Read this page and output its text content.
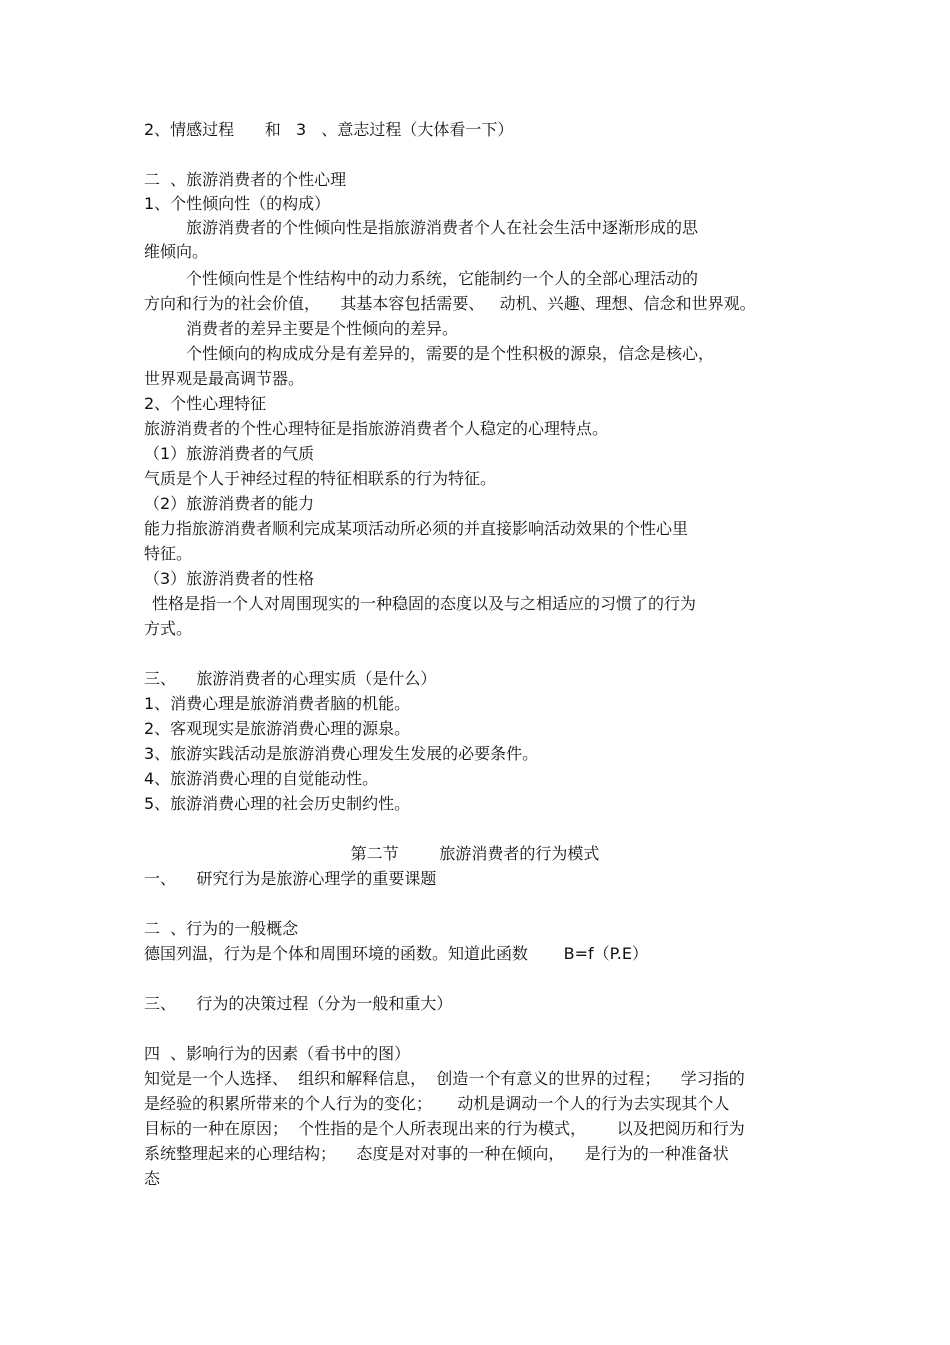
2、情感过程      和   3   、意志过程（大体看一下）
二  、旅游消费者的个性心理
1、个性倾向性（的构成）
旅游消费者的个性倾向性是指旅游消费者个人在社会生活中逐渐形成的思
维倾向。
个性倾向性是个性结构中的动力系统，它能制约一个人的全部心理活动的
方向和行为的社会价值，    其基本容包括需要、   动机、兴趣、理想、信念和世界观。
消费者的差异主要是个性倾向的差异。
个性倾向的构成成分是有差异的，需要的是个性积极的源泉，信念是核心，
世界观是最高调节器。
2、个性心理特征
旅游消费者的个性心理特征是指旅游消费者个人稳定的心理特点。
（1）旅游消费者的气质
气质是个人于神经过程的特征相联系的行为特征。
（2）旅游消费者的能力
能力指旅游消费者顺利完成某项活动所必须的并直接影响活动效果的个性心里
特征。
（3）旅游消费者的性格
性格是指一个人对周围现实的一种稳固的态度以及与之相适应的习惯了的行为
方式。
三、    旅游消费者的心理实质（是什么）
1、消费心理是旅游消费者脑的机能。
2、客观现实是旅游消费心理的源泉。
3、旅游实践活动是旅游消费心理发生发展的必要条件。
4、旅游消费心理的自觉能动性。
5、旅游消费心理的社会历史制约性。
第二节        旅游消费者的行为模式
一、    研究行为是旅游心理学的重要课题
二  、行为的一般概念
德国列温，行为是个体和周围环境的函数。知道此函数       B=f（P.E）
三、    行为的决策过程（分为一般和重大）
四  、影响行为的因素（看书中的图）
知觉是一个人选择、  组织和解释信息，  创造一个有意义的世界的过程；    学习指的
是经验的积累所带来的个人行为的变化；     动机是调动一个人的行为去实现其个人
目标的一种在原因；  个性指的是个人所表现出来的行为模式，      以及把阅历和行为
系统整理起来的心理结构；    态度是对对事的一种在倾向，    是行为的一种准备状
态
